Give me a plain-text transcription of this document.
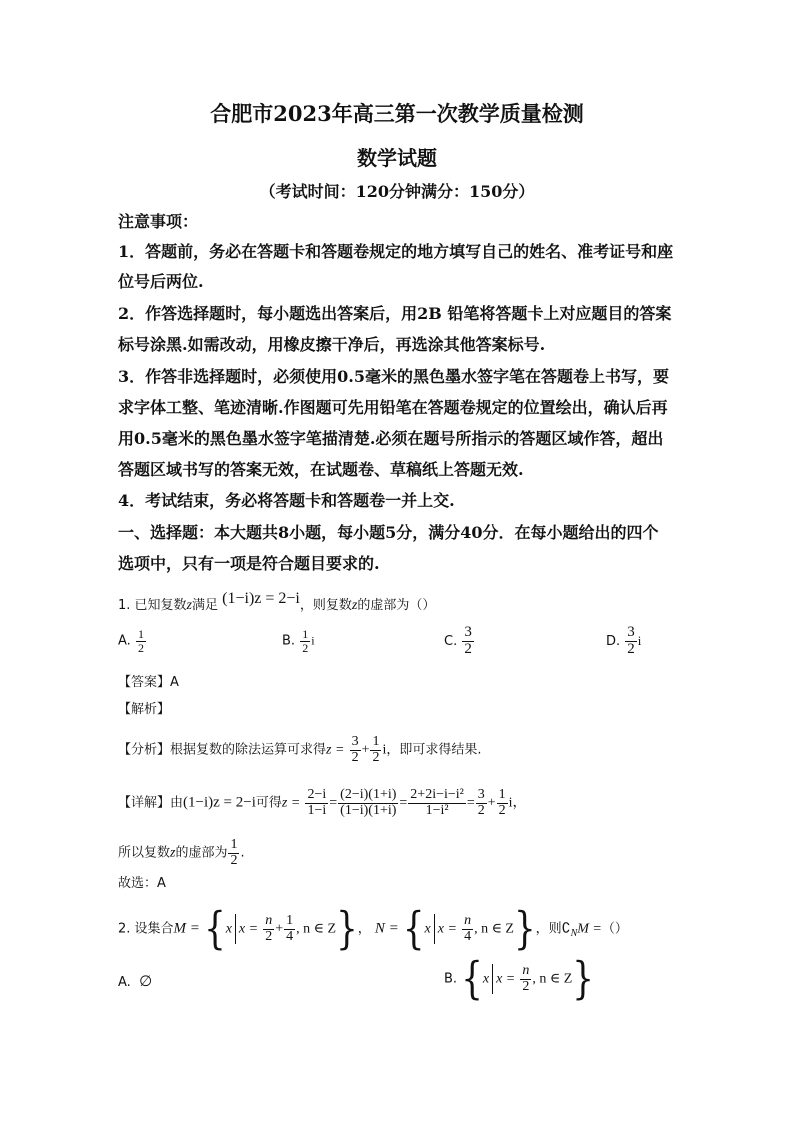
合肥市2023年高三第一次教学质量检测
数学试题
（考试时间：120分钟满分：150分）
注意事项：
1．答题前，务必在答题卡和答题卷规定的地方填写自己的姓名、准考证号和座
位号后两位.
2．作答选择题时，每小题选出答案后，用2B 铅笔将答题卡上对应题目的答案
标号涂黑.如需改动，用橡皮擦干净后，再选涂其他答案标号.
3．作答非选择题时，必须使用0.5毫米的黑色墨水签字笔在答题卷上书写，要
求字体工整、笔迹清晰.作图题可先用铅笔在答题卷规定的位置绘出，确认后再
用0.5毫米的黑色墨水签字笔描清楚.必须在题号所指示的答题区域作答，超出
答题区域书写的答案无效，在试题卷、草稿纸上答题无效.
4．考试结束，务必将答题卡和答题卷一并上交.
一、选择题：本大题共8小题，每小题5分，满分40分．在每小题给出的四个
选项中，只有一项是符合题目要求的.
1. 已知复数z满足 (1−i)z = 2−i，则复数z的虚部为（）
A. $\frac{1}{2}$	B. $\frac{1}{2}$ i	C. $\frac{3}{2}$	D. $\frac{3}{2}$ i
【答案】A
【解析】
【分析】根据复数的除法运算可求得$z = \frac{3}{2} + \frac{1}{2}$ i，即可求得结果.
【详解】由(1−i)z = 2−i可得$z = \frac{2-i}{1-i} = \frac{(2-i)(1+i)}{(1-i)(1+i)} = \frac{\text{2+2i−i−i²}}{\text{1−i²}} = \frac{3}{2} + \frac{1}{2}$ i，
所以复数z的虚部为 $\frac{1}{2}$ .
故选：A
2. 设集合M = {x $x = \frac{n}{2} + \frac{1}{4}$ , n ∈ Z}， N = {x $x = \frac{n}{4}$ , n ∈ Z}，则$∁_NM$ =（）
A. ∅	B. {x $x = \frac{n}{2}$ , n ∈ Z}
